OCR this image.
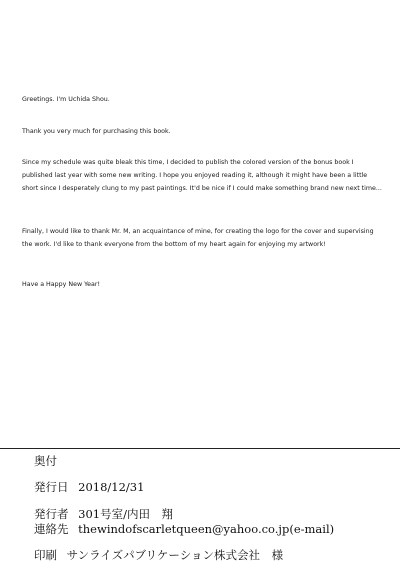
Greetings. I'm Uchida Shou.

Thank you very much for purchasing this book.

Since my schedule was quite bleak this time, I decided to publish the colored version of the bonus book I published last year with some new writing. I hope you enjoyed reading it, although it might have been a little short since I desperately clung to my past paintings. It'd be nice if I could make something brand new next time...

Finally, I would like to thank Mr. M, an acquaintance of mine, for creating the logo for the cover and supervising the work. I'd like to thank everyone from the bottom of my heart again for enjoying my artwork!

Have a Happy New Year!

奥付
発行日 2018/12/31
発行者 301号室/内田　翔
連絡先 thewindofscarletqueen@yahoo.co.jp(e-mail)
印刷 サンライズパブリケーション株式会社 様
